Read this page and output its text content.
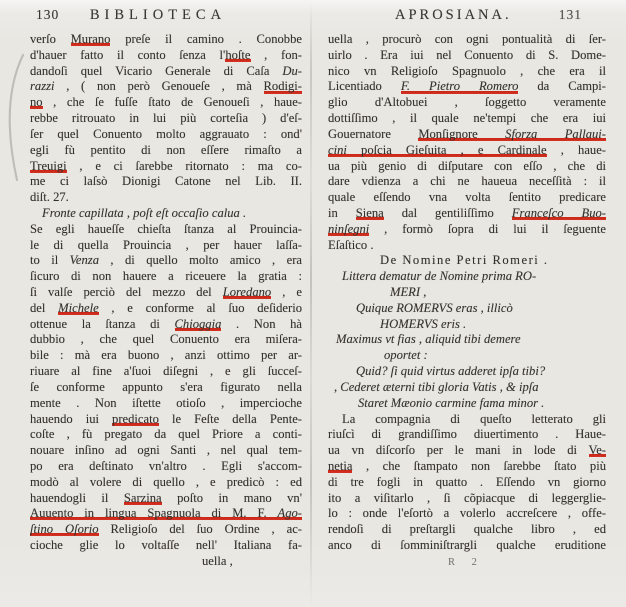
130 BIBLIOTECA
verſo Murano preſe il camino . Conobbe
d'hauer fatto il conto ſenza l'hoſte , fon-
dandoſi quel Vicario Generale di Caſa Du-
razzi , ( non però Genoueſe , mà Rodigi-
no , che ſe fuſſe ſtato de Genoueſi , haue-
rebbe ritrouato in lui più corteſia ) d'eſ-
ſer quel Conuento molto aggrauato : ond'
egli fù pentito di non eſſere rimaſto a
Treuigi , e ci ſarebbe ritornato : ma co-
me ci laſsò Dionigi Catone nel Lib. II.
diſt. 27.
Fronte capillata , poſt eſt occaſio calua .
Se egli haueſſe chieſta ſtanza al Prouincia-
le di quella Prouincia , per hauer laſſa-
to il Venza , di quello molto amico , era
ſicuro di non hauere a riceuere la gratia :
ſi valſe perciò del mezzo del Loredano , e
del Michele , e conforme al ſuo deſiderio
ottenue la ſtanza di Chioggia . Non hà
dubbio , che quel Conuento era miſera-
bile : mà era buono , anzi ottimo per ar-
riuare al fine a'ſuoi diſegni , e gli ſucceſ-
ſe conforme appunto s'era figurato nella
mente . Non iſtette otioſo , impercioche
hauendo iui predicato le Feſte della Pente-
coſte , fù pregato da quel Priore a conti-
nouare inſino ad ogni Santi , nel qual tem-
po era deſtinato vn'altro . Egli s'accom-
modò al volere di quello , e predicò : ed
hauendogli il Sarzina poſto in mano vn'
Auuento in lingua Spagnuola di M. F. Ago-
ſtino Oſorio Religioſo del ſuo Ordine , ac-
cioche glie lo voltaſſe nell' Italiana fa-
uella ,
APROSIANA.	131
uella , procurò con ogni pontualità di ſer-
uirlo . Era iui nel Conuento di S. Dome-
nico vn Religioſo Spagnuolo , che era il
Licentiado F. Pietro Romero da Campi-
glio d'Altobuei , ſoggetto veramente
dottiſſimo , il quale ne'tempi che era iui
Gouernatore Monſignore Sforza Pallaui-
cini poſcia Gieſuita , e Cardinale , haue-
ua più genio di diſputare con eſſo , che di
dare vdienza a chi ne haueua neceſſità : il
quale eſſendo vna volta ſentito predicare
in Siena dal gentiliſſimo Franceſco Buo-
ninſegni , formò ſopra di lui il ſeguente
Eſaſtico .
De Nomine Petri Romeri .
Littera dematur de Nomine prima RO-
MERI ,
Quique ROMERVS eras , illicò
HOMERVS eris .
Maximus vt fias , aliquid tibi demere
oportet :
Quid? ſi quid virtus adderet ipſa tibi?
, Cederet æterni tibi gloria Vatis , & ipſa
Staret Mæonio carmine fama minor .
La compagnia di queſto letterato gli
riuſcì di grandiſſimo diuertimento . Haue-
ua vn diſcorſo per le mani in lode di Ve-
netia , che ſtampato non ſarebbe ſtato più
di tre fogli in quatto . Eſſendo vn giorno
ito a viſitarlo , ſi cõpiacque di leggerglie-
lo : onde l'eſortò a volerlo accreſcere , offe-
rendoſi di preſtargli qualche libro , ed
anco di ſomminiſtrargli qualche eruditione
R 2
